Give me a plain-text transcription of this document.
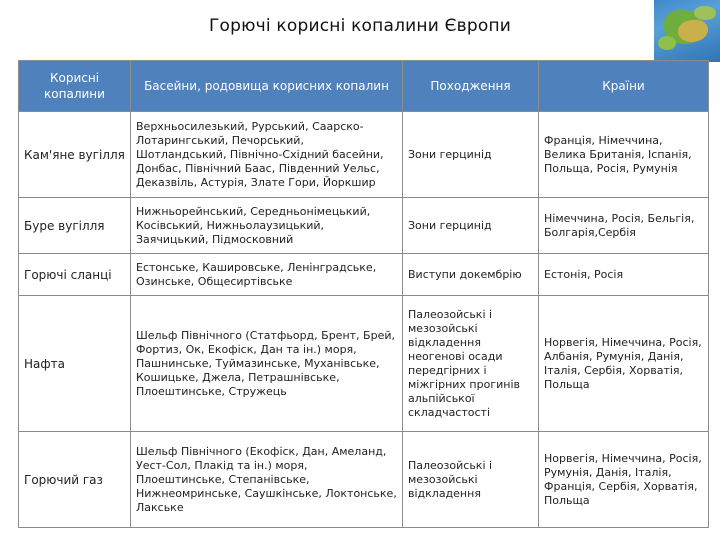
Горючі корисні копалини Європи
Корисні копалини	Басейни, родовища корисних копалин	Походження	Країни
Кам'яне вугілля	Верхньосилезький, Рурський, Саарско-Лотарингський, Печорський, Шотландський, Північно-Східний басейни, Донбас, Північний Баас, Південний Уельс, Деказвіль, Астурія, Злате Гори, Йоркшир	Зони герцинід	Франція, Німеччина, Велика Британія, Іспанія, Польща, Росія, Румунія
Буре вугілля	Нижньорейнський, Середньонімецький, Косівський, Нижньолаузицький, Заячицький, Підмосковний	Зони герцинід	Німеччина, Росія, Бельгія, Болгарія,Сербія
Горючі сланці	Естонське, Кашировське, Ленінградське, Озинське, Общесиртівське	Виступи докембрію	Естонія, Росія
Нафта	Шельф Північного (Статфьорд, Брент, Брей, Фортиз, Ок, Екофіск, Дан та ін.) моря, Пашнинське, Туймазинське, Муханівське, Кошицьке, Джела, Петрашнівське, Плоештинське, Стружець	Палеозойські і мезозойські відкладення неогенові осади передгірних і міжгірних прогинів альпійської складчастості	Норвегія, Німеччина, Росія, Албанія, Румунія, Данія, Італія, Сербія, Хорватія, Польща
Горючий газ	Шельф Північного (Екофіск, Дан, Амеланд, Уест-Сол, Плакід та ін.) моря, Плоештинське, Степанівське, Нижнеомринське, Саушкінське, Локтонське, Лакське	Палеозойські і мезозойські відкладення	Норвегія, Німеччина, Росія, Румунія, Данія, Італія, Франція, Сербія, Хорватія, Польща
